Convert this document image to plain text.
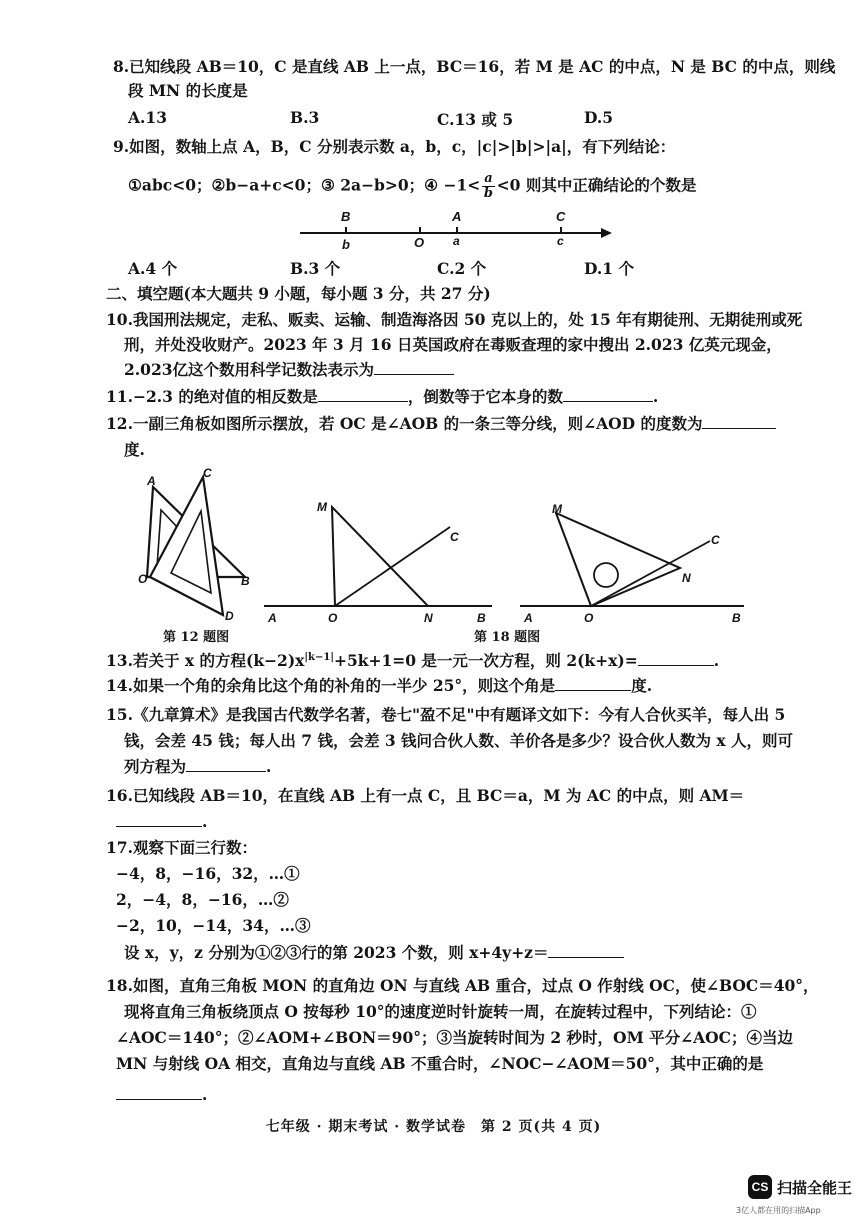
8.已知线段 AB＝10，C 是直线 AB 上一点，BC＝16，若 M 是 AC 的中点，N 是 BC 的中点，则线
段 MN 的长度是
A.13	B.3	C.13 或 5	D.5
9.如图，数轴上点 A，B，C 分别表示数 a，b，c，|c|>|b|>|a|，有下列结论：
①abc<0；②b−a+c<0；③ 2a−b>0；④ $-1< \frac{a}{b} <0$ 则其中正确结论的个数是
B	A	C
b	O a	c
A.4 个	B.3 个	C.2 个	D.1 个
二、填空题(本大题共 9 小题，每小题 3 分，共 27 分)
10.我国刑法规定，走私、贩卖、运输、制造海洛因 50 克以上的，处 15 年有期徒刑、无期徒刑或死
刑，并处没收财产。2023 年 3 月 16 日英国政府在毒贩查理的家中搜出 2.023 亿英元现金，
2.023亿这个数用科学记数法表示为
11.−2.3 的绝对值的相反数是	，倒数等于它本身的数	.
12.一副三角板如图所示摆放，若 OC 是∠AOB 的一条三等分线，则∠AOD 的度数为
度.
A
C
O	B
D
M
C
A	O	N	B
M
C
N
A	O	B
第 12 题图	第 18 题图
13.若关于 x 的方程$(k-2)x^{|k-1|}+5k+1=0$ 是一元一次方程，则 2(k+x)=	.
14.如果一个角的余角比这个角的补角的一半少 25°，则这个角是	度.
15.《九章算术》是我国古代数学名著，卷七"盈不足"中有题译文如下：今有人合伙买羊，每人出 5
钱，会差 45 钱；每人出 7 钱，会差 3 钱问合伙人数、羊价各是多少？设合伙人数为 x 人，则可
列方程为	.
16.已知线段 AB＝10，在直线 AB 上有一点 C，且 BC＝a，M 为 AC 的中点，则 AM＝
.
17.观察下面三行数：
−4，8，−16，32，…①
2，−4，8，−16，…②
−2，10，−14，34，…③
设 x，y，z 分别为①②③行的第 2023 个数，则 x+4y+z＝
18.如图，直角三角板 MON 的直角边 ON 与直线 AB 重合，过点 O 作射线 OC，使∠BOC＝40°，
现将直角三角板绕顶点 O 按每秒 10°的速度逆时针旋转一周，在旋转过程中，下列结论：①
∠AOC＝140°；②∠AOM+∠BON＝90°；③当旋转时间为 2 秒时，OM 平分∠AOC；④当边
MN 与射线 OA 相交，直角边与直线 AB 不重合时，∠NOC−∠AOM＝50°，其中正确的是
.
七年级 · 期末考试 · 数学试卷　第 2 页(共 4 页)
CS 扫描全能王
3亿人都在用的扫描App
